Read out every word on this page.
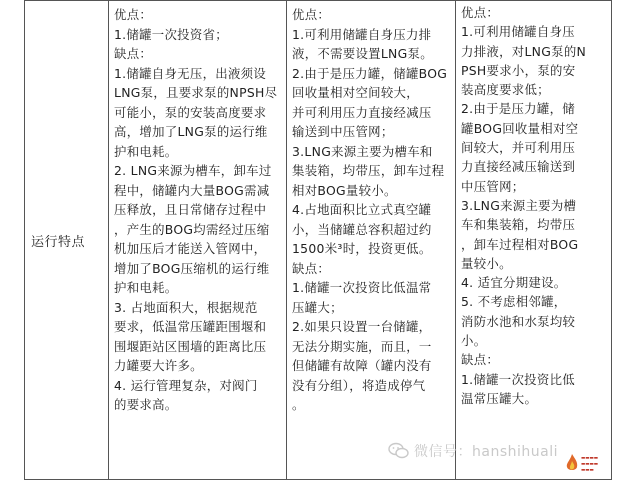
运行特点

优点：
1.储罐一次投资省；
缺点：
1.储罐自身无压，出液须设
LNG泵，且要求泵的NPSH尽
可能小，泵的安装高度要求
高，增加了LNG泵的运行维
护和电耗。
2. LNG来源为槽车，卸车过
程中，储罐内大量BOG需减
压释放，且日常储存过程中
，产生的BOG均需经过压缩
机加压后才能送入管网中，
增加了BOG压缩机的运行维
护和电耗。
3. 占地面积大，根据规范
要求，低温常压罐距围堰和
围堰距站区围墙的距离比压
力罐要大许多。
4. 运行管理复杂，对阀门
的要求高。

优点：
1.可利用储罐自身压力排
液，不需要设置LNG泵。
2.由于是压力罐，储罐BOG
回收量相对空间较大，
并可利用压力直接经减压
输送到中压管网；
3.LNG来源主要为槽车和
集装箱，均带压，卸车过程
相对BOG量较小。
4.占地面积比立式真空罐
小，当储罐总容积超过约
1500米³时，投资更低。
缺点：
1.储罐一次投资比低温常
压罐大；
2.如果只设置一台储罐，
无法分期实施，而且，一
但储罐有故障（罐内没有
没有分组），将造成停气
。

优点：
1.可利用储罐自身压
力排液，对LNG泵的N
PSH要求小，泵的安
装高度要求低；
2.由于是压力罐，储
罐BOG回收量相对空
间较大，并可利用压
力直接经减压输送到
中压管网；
3.LNG来源主要为槽
车和集装箱，均带压
，卸车过程相对BOG
量较小。
4. 适宜分期建设。
5. 不考虑相邻罐，
消防水池和水泵均较
小。
缺点：
1.储罐一次投资比低
温常压罐大。
微信号：hanshihuali	▬▬▬▬
▬▬▬▬
▬▬▬
